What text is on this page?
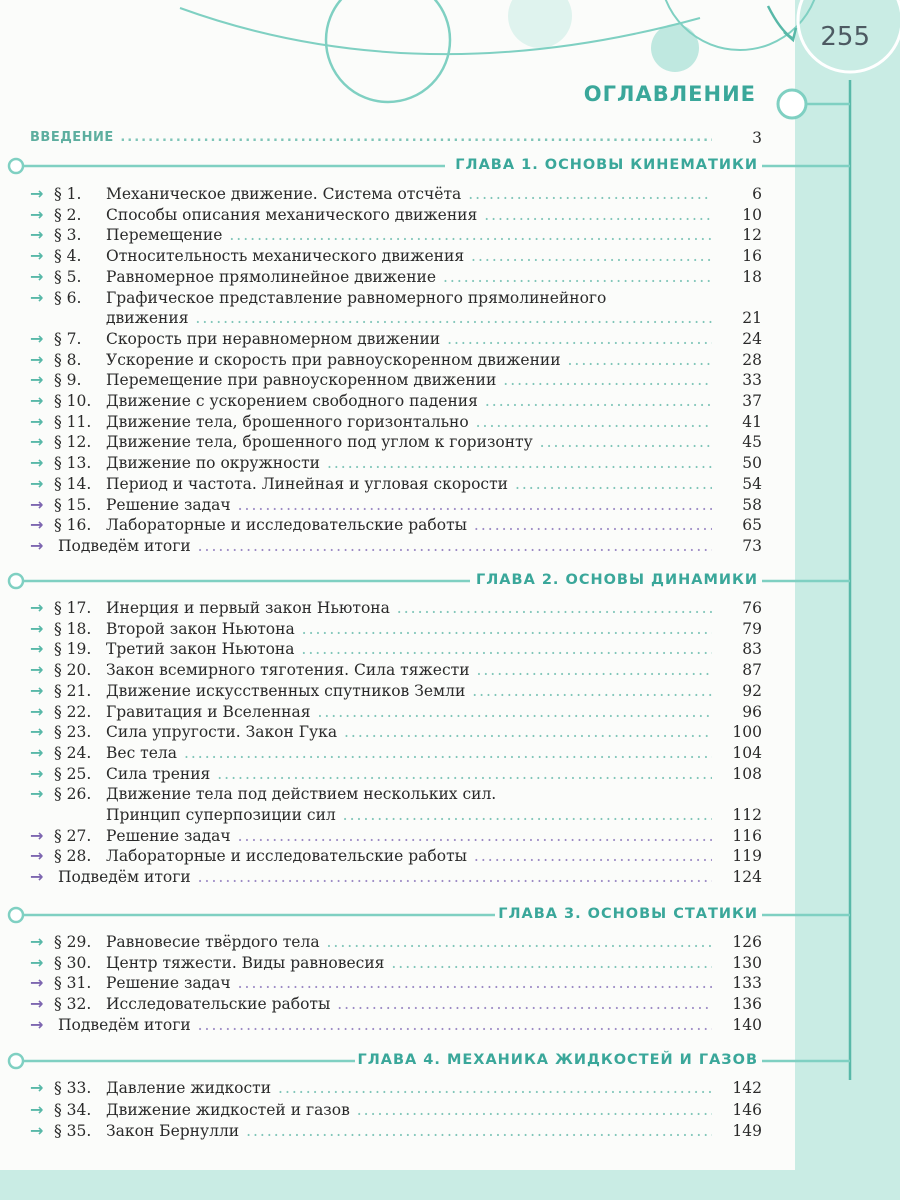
255
ОГЛАВЛЕНИЕ
ВВЕДЕНИЕ .....	3
ГЛАВА 1. ОСНОВЫ КИНЕМАТИКИ
→ § 1. Механическое движение. Система отсчёта .....	6
→ § 2. Способы описания механического движения .....	10
→ § 3. Перемещение .....	12
→ § 4. Относительность механического движения .....	16
→ § 5. Равномерное прямолинейное движение .....	18
→ § 6. Графическое представление равномерного прямолинейного
движения .....	21
→ § 7. Скорость при неравномерном движении .....	24
→ § 8. Ускорение и скорость при равноускоренном движении .....	28
→ § 9. Перемещение при равноускоренном движении .....	33
→ § 10. Движение с ускорением свободного падения .....	37
→ § 11. Движение тела, брошенного горизонтально .....	41
→ § 12. Движение тела, брошенного под углом к горизонту .....	45
→ § 13. Движение по окружности .....	50
→ § 14. Период и частота. Линейная и угловая скорости .....	54
→ § 15. Решение задач .....	58
→ § 16. Лабораторные и исследовательские работы .....	65
→ Подведём итоги .....	73
ГЛАВА 2. ОСНОВЫ ДИНАМИКИ
→ § 17. Инерция и первый закон Ньютона .....	76
→ § 18. Второй закон Ньютона .....	79
→ § 19. Третий закон Ньютона .....	83
→ § 20. Закон всемирного тяготения. Сила тяжести .....	87
→ § 21. Движение искусственных спутников Земли .....	92
→ § 22. Гравитация и Вселенная .....	96
→ § 23. Сила упругости. Закон Гука .....	100
→ § 24. Вес тела .....	104
→ § 25. Сила трения .....	108
→ § 26. Движение тела под действием нескольких сил.
Принцип суперпозиции сил .....	112
→ § 27. Решение задач .....	116
→ § 28. Лабораторные и исследовательские работы .....	119
→ Подведём итоги .....	124
ГЛАВА 3. ОСНОВЫ СТАТИКИ
→ § 29. Равновесие твёрдого тела .....	126
→ § 30. Центр тяжести. Виды равновесия .....	130
→ § 31. Решение задач .....	133
→ § 32. Исследовательские работы .....	136
→ Подведём итоги .....	140
ГЛАВА 4. МЕХАНИКА ЖИДКОСТЕЙ И ГАЗОВ
→ § 33. Давление жидкости .....	142
→ § 34. Движение жидкостей и газов .....	146
→ § 35. Закон Бернулли .....	149
